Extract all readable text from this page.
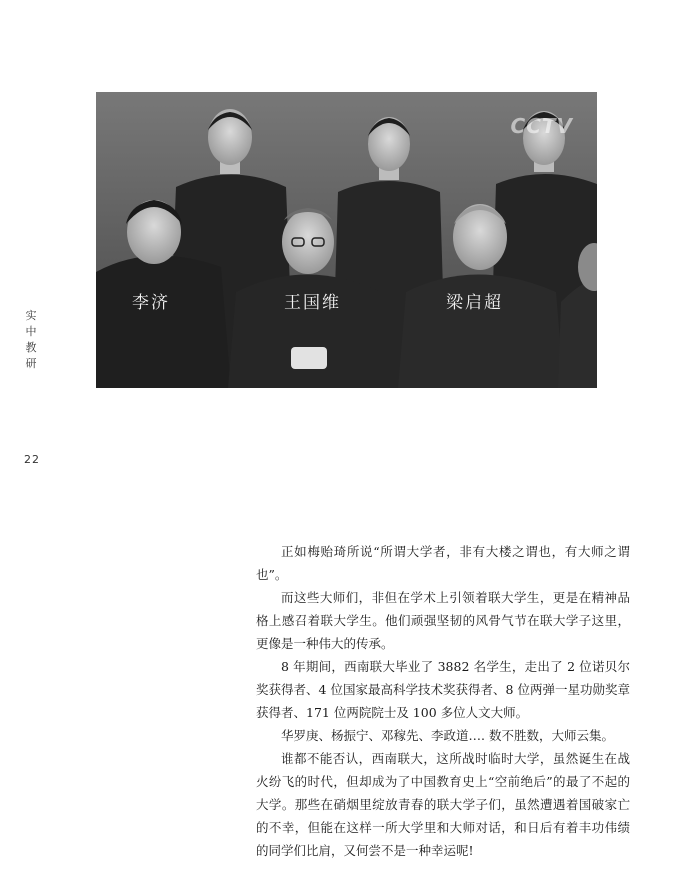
CCTV
李济	王国维	梁启超
实
中
教
研
22

正如梅贻琦所说“所谓大学者，非有大楼之谓也，有大师之谓也”。

而这些大师们，非但在学术上引领着联大学生，更是在精神品格上感召着联大学生。他们顽强坚韧的风骨气节在联大学子这里，更像是一种伟大的传承。

8 年期间，西南联大毕业了 3882 名学生，走出了 2 位诺贝尔奖获得者、4 位国家最高科学技术奖获得者、8 位两弹一星功勋奖章获得者、171 位两院院士及 100 多位人文大师。

华罗庚、杨振宁、邓稼先、李政道…. 数不胜数，大师云集。

谁都不能否认，西南联大，这所战时临时大学，虽然诞生在战火纷飞的时代，但却成为了中国教育史上“空前绝后”的最了不起的大学。那些在硝烟里绽放青春的联大学子们，虽然遭遇着国破家亡的不幸，但能在这样一所大学里和大师对话，和日后有着丰功伟绩的同学们比肩，又何尝不是一种幸运呢!
